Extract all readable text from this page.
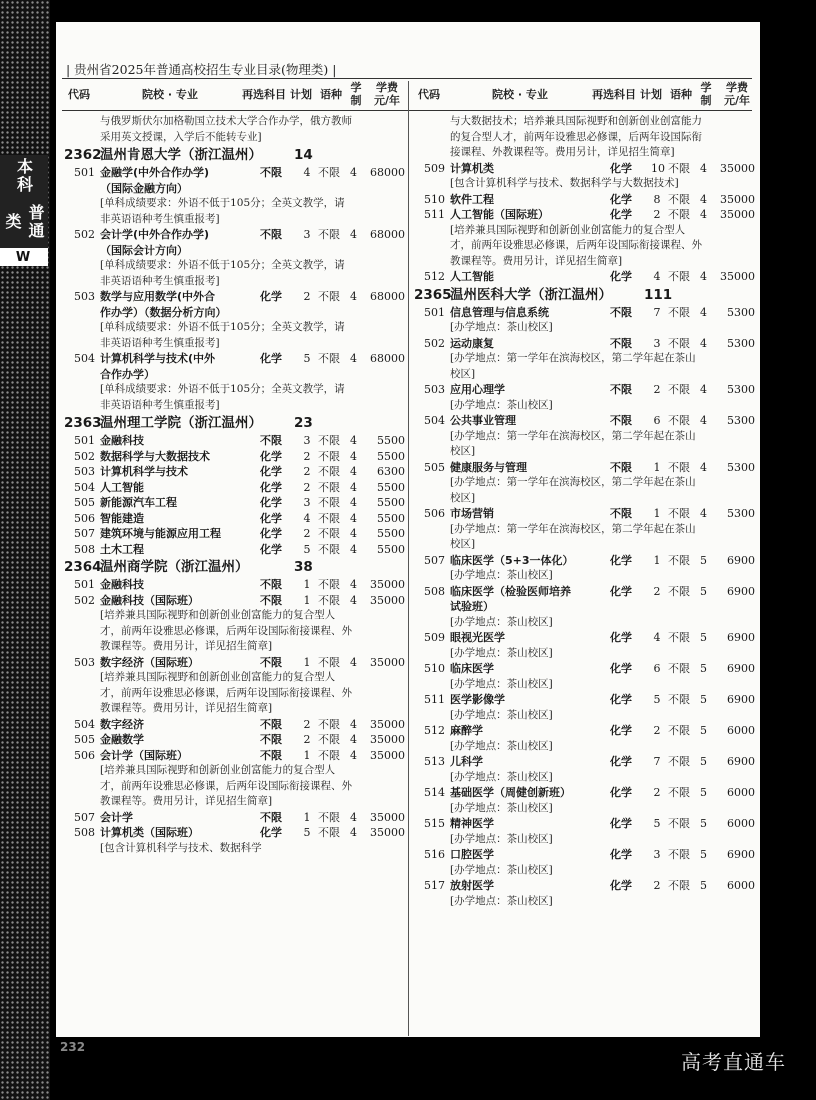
本科
普通类
W
| 贵州省2025年普通高校招生专业目录(物理类) |
代码	院校 · 专业	再选科目 计划 语种
学
制
学费
元/年	代码	院校 · 专业	再选科目 计划 语种
学
制
学费
元/年
与俄罗斯伏尔加格勒国立技术大学合作办学，俄方教师采用英文授课，入学后不能转专业]
2362
温州肯恩大学（浙江温州） 14
501 金融学(中外合作办学)	不限 4 不限 4	68000
（国际金融方向）
[单科成绩要求：外语不低于105分；全英文教学，请非英语语种考生慎重报考]
502 会计学(中外合作办学)	不限 3 不限 4	68000
（国际会计方向）
[单科成绩要求：外语不低于105分；全英文教学，请非英语语种考生慎重报考]
503 数学与应用数学(中外合	化学 2 不限 4	68000
作办学）（数据分析方向）
[单科成绩要求：外语不低于105分；全英文教学，请非英语语种考生慎重报考]
504 计算机科学与技术(中外	化学 5 不限 4	68000
合作办学）
[单科成绩要求：外语不低于105分；全英文教学，请非英语语种考生慎重报考]
2363
温州理工学院（浙江温州） 23
501 金融科技	不限 3 不限 4	5500
502 数据科学与大数据技术	化学 2 不限 4	5500
503 计算机科学与技术	化学 2 不限 4	6300
504 人工智能	化学 2 不限 4	5500
505 新能源汽车工程	化学 3 不限 4	5500
506 智能建造	化学 4 不限 4	5500
507 建筑环境与能源应用工程	化学 2 不限 4	5500
508 土木工程	化学 5 不限 4	5500
2364
温州商学院（浙江温州）	38
501 金融科技	不限 1 不限 4	35000
502 金融科技（国际班）	不限 1 不限 4	35000
[培养兼具国际视野和创新创业创富能力的复合型人才，前两年设雅思必修课，后两年设国际衔接课程、外教课程等。费用另计，详见招生简章]
503 数字经济（国际班）	不限 1 不限 4	35000
[培养兼具国际视野和创新创业创富能力的复合型人才，前两年设雅思必修课，后两年设国际衔接课程、外教课程等。费用另计，详见招生简章]
504 数字经济	不限 2 不限 4	35000
505 金融数学	不限 2 不限 4	35000
506 会计学（国际班）	不限 1 不限 4	35000
[培养兼具国际视野和创新创业创富能力的复合型人才，前两年设雅思必修课，后两年设国际衔接课程、外教课程等。费用另计，详见招生简章]
507 会计学	不限 1 不限 4	35000
508 计算机类（国际班）	化学 5 不限 4	35000
[包含计算机科学与技术、数据科学
与大数据技术；培养兼具国际视野和创新创业创富能力的复合型人才，前两年设雅思必修课，后两年设国际衔接课程、外教课程等。费用另计，详见招生简章]
509 计算机类	化学 10 不限 4	35000
[包含计算机科学与技术、数据科学与大数据技术]
510 软件工程	化学 8 不限 4	35000
511 人工智能（国际班）	化学 2 不限 4	35000
[培养兼具国际视野和创新创业创富能力的复合型人才，前两年设雅思必修课，后两年设国际衔接课程、外教课程等。费用另计，详见招生简章]
512 人工智能	化学 4 不限 4	35000
2365
温州医科大学（浙江温州） 111
501 信息管理与信息系统	不限 7 不限 4	5300
[办学地点：茶山校区]
502 运动康复	不限 3 不限 4	5300
[办学地点：第一学年在滨海校区，第二学年起在茶山校区]
503 应用心理学	不限 2 不限 4	5300
[办学地点：茶山校区]
504 公共事业管理	不限 6 不限 4	5300
[办学地点：第一学年在滨海校区，第二学年起在茶山校区]
505 健康服务与管理	不限 1 不限 4	5300
[办学地点：第一学年在滨海校区，第二学年起在茶山校区]
506 市场营销	不限 1 不限 4	5300
[办学地点：第一学年在滨海校区，第二学年起在茶山校区]
507 临床医学（5+3一体化）	化学 1 不限 5	6900
[办学地点：茶山校区]
508 临床医学（检验医师培养	化学 2 不限 5	6900
试验班）
[办学地点：茶山校区]
509 眼视光医学	化学 4 不限 5	6900
[办学地点：茶山校区]
510 临床医学	化学 6 不限 5	6900
[办学地点：茶山校区]
511 医学影像学	化学 5 不限 5	6900
[办学地点：茶山校区]
512 麻醉学	化学 2 不限 5	6000
[办学地点：茶山校区]
513 儿科学	化学 7 不限 5	6900
[办学地点：茶山校区]
514 基础医学（周健创新班）	化学 2 不限 5	6000
[办学地点：茶山校区]
515 精神医学	化学 5 不限 5	6000
[办学地点：茶山校区]
516 口腔医学	化学 3 不限 5	6900
[办学地点：茶山校区]
517 放射医学	化学 2 不限 5	6000
[办学地点：茶山校区]
232
高考直通车
